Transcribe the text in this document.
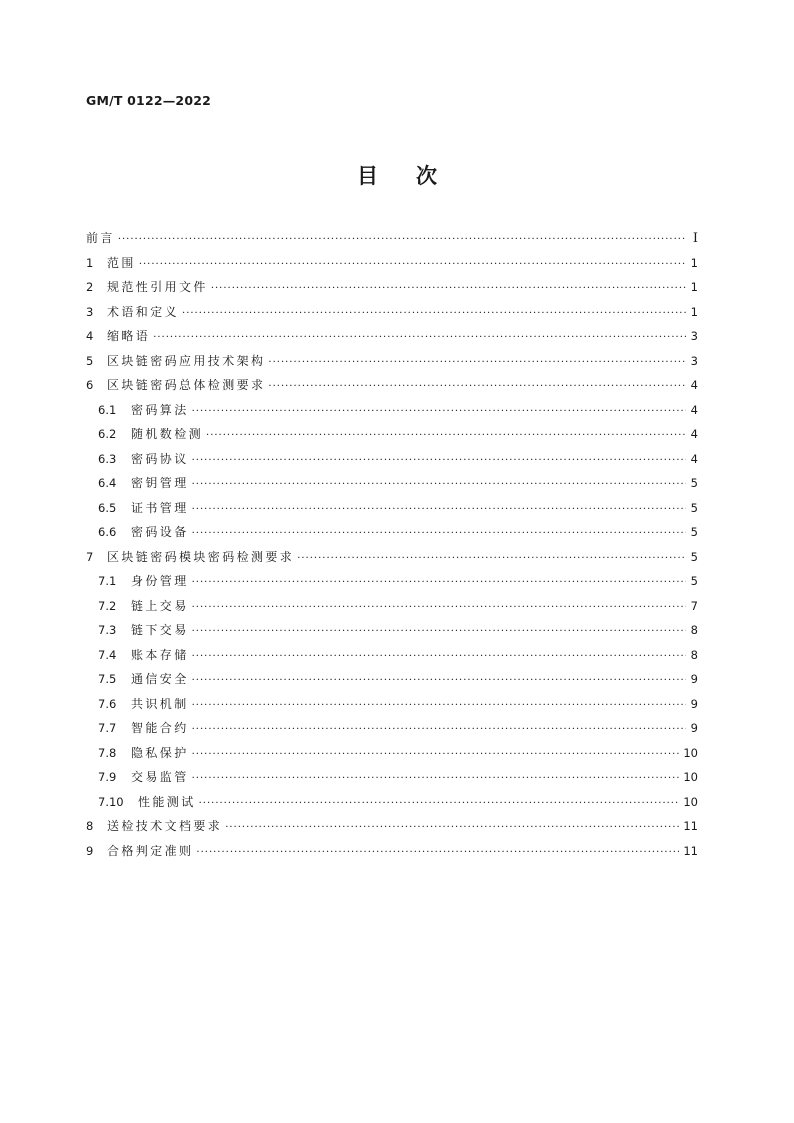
GM/T 0122—2022

目次
前言 ·····	I
1	范围 ·····	1
2	规范性引用文件 ·····	1
3	术语和定义 ·····	1
4	缩略语 ·····	3
5	区块链密码应用技术架构 ·····	3
6	区块链密码总体检测要求 ·····	4
6.1	密码算法 ·····	4
6.2	随机数检测 ·····	4
6.3	密码协议 ·····	4
6.4	密钥管理 ·····	5
6.5	证书管理 ·····	5
6.6	密码设备 ·····	5
7	区块链密码模块密码检测要求 ·····	5
7.1	身份管理 ·····	5
7.2	链上交易 ·····	7
7.3	链下交易 ·····	8
7.4	账本存储 ·····	8
7.5	通信安全 ·····	9
7.6	共识机制 ·····	9
7.7	智能合约 ·····	9
7.8	隐私保护 ·····	10
7.9	交易监管 ·····	10
7.10	性能测试 ·····	10
8	送检技术文档要求 ·····	11
9	合格判定准则 ·····	11
